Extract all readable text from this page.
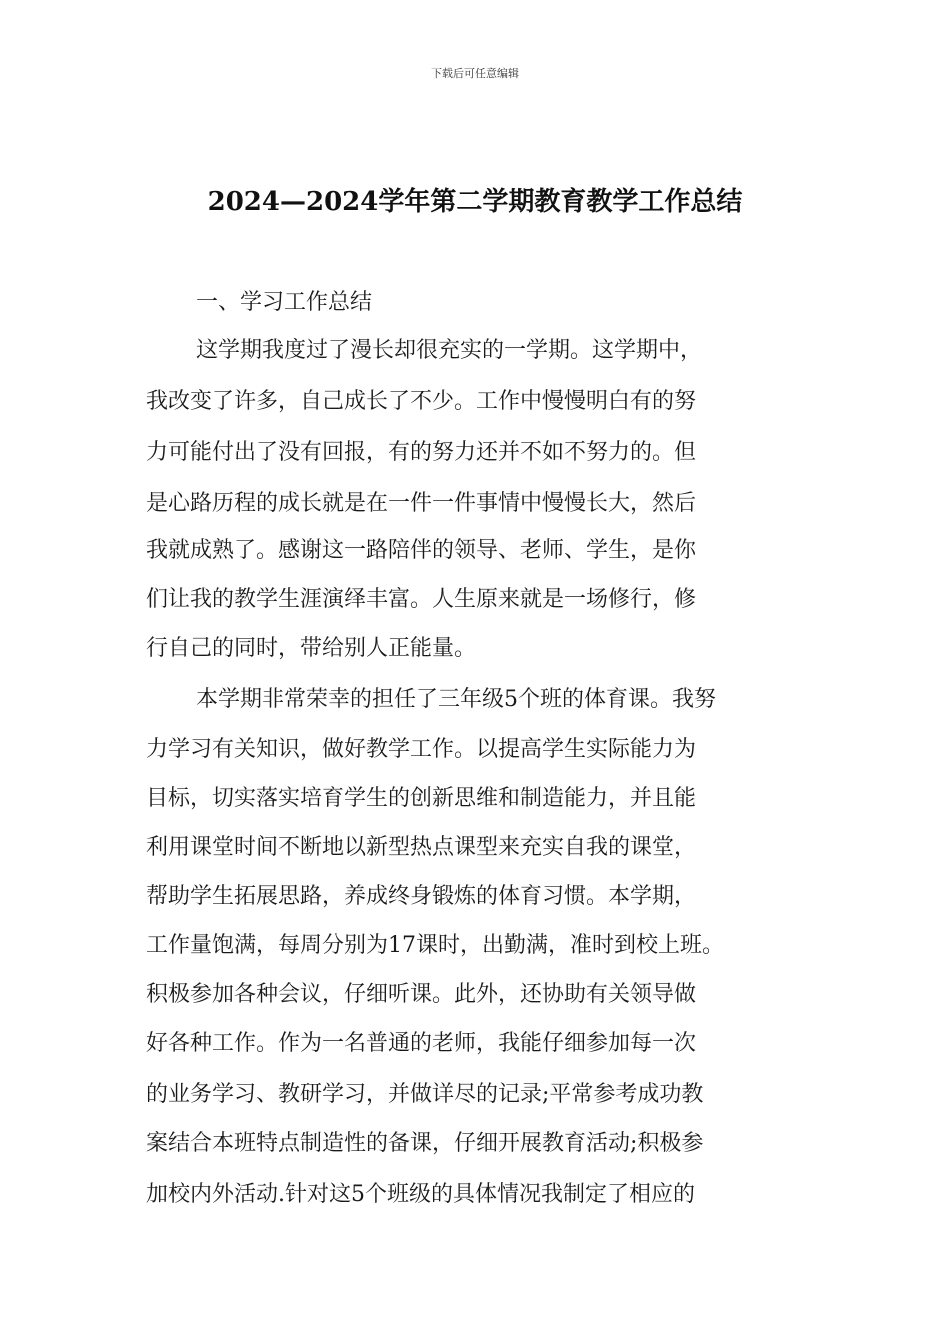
下载后可任意编辑
2024—2024学年第二学期教育教学工作总结
一、学习工作总结

这学期我度过了漫长却很充实的一学期。这学期中，

我改变了许多，自己成长了不少。工作中慢慢明白有的努

力可能付出了没有回报，有的努力还并不如不努力的。但

是心路历程的成长就是在一件一件事情中慢慢长大，然后

我就成熟了。感谢这一路陪伴的领导、老师、学生，是你

们让我的教学生涯演绎丰富。人生原来就是一场修行，修

行自己的同时，带给别人正能量。

本学期非常荣幸的担任了三年级5个班的体育课。我努

力学习有关知识，做好教学工作。以提高学生实际能力为

目标，切实落实培育学生的创新思维和制造能力，并且能

利用课堂时间不断地以新型热点课型来充实自我的课堂，

帮助学生拓展思路，养成终身锻炼的体育习惯。本学期，

工作量饱满，每周分别为17课时，出勤满，准时到校上班。

积极参加各种会议，仔细听课。此外，还协助有关领导做

好各种工作。作为一名普通的老师，我能仔细参加每一次

的业务学习、教研学习，并做详尽的记录;平常参考成功教

案结合本班特点制造性的备课，仔细开展教育活动;积极参

加校内外活动.针对这5个班级的具体情况我制定了相应的
